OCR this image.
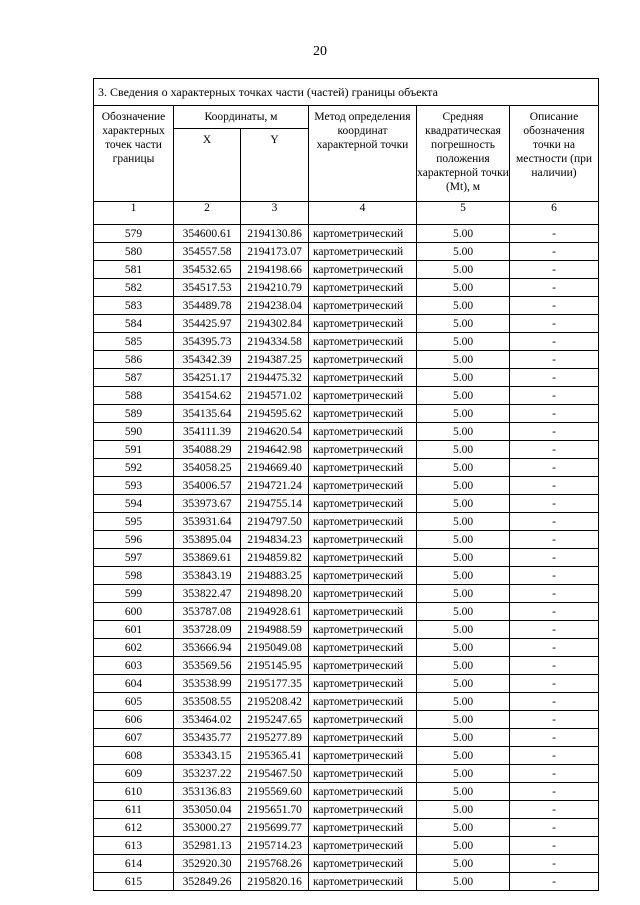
20
3. Сведения о характерных точках части (частей) границы объекта					
Обозначение характерных точек части границы	Координаты, м		Метод определения координат характерной точки	Средняя квадратическая погрешность положения характерной точки (Mt), м	Описание обозначения точки на местности (при наличии)
	X	Y			
1	2	3	4	5	6
579	354600.61	2194130.86	картометрический	5.00	-
580	354557.58	2194173.07	картометрический	5.00	-
581	354532.65	2194198.66	картометрический	5.00	-
582	354517.53	2194210.79	картометрический	5.00	-
583	354489.78	2194238.04	картометрический	5.00	-
584	354425.97	2194302.84	картометрический	5.00	-
585	354395.73	2194334.58	картометрический	5.00	-
586	354342.39	2194387.25	картометрический	5.00	-
587	354251.17	2194475.32	картометрический	5.00	-
588	354154.62	2194571.02	картометрический	5.00	-
589	354135.64	2194595.62	картометрический	5.00	-
590	354111.39	2194620.54	картометрический	5.00	-
591	354088.29	2194642.98	картометрический	5.00	-
592	354058.25	2194669.40	картометрический	5.00	-
593	354006.57	2194721.24	картометрический	5.00	-
594	353973.67	2194755.14	картометрический	5.00	-
595	353931.64	2194797.50	картометрический	5.00	-
596	353895.04	2194834.23	картометрический	5.00	-
597	353869.61	2194859.82	картометрический	5.00	-
598	353843.19	2194883.25	картометрический	5.00	-
599	353822.47	2194898.20	картометрический	5.00	-
600	353787.08	2194928.61	картометрический	5.00	-
601	353728.09	2194988.59	картометрический	5.00	-
602	353666.94	2195049.08	картометрический	5.00	-
603	353569.56	2195145.95	картометрический	5.00	-
604	353538.99	2195177.35	картометрический	5.00	-
605	353508.55	2195208.42	картометрический	5.00	-
606	353464.02	2195247.65	картометрический	5.00	-
607	353435.77	2195277.89	картометрический	5.00	-
608	353343.15	2195365.41	картометрический	5.00	-
609	353237.22	2195467.50	картометрический	5.00	-
610	353136.83	2195569.60	картометрический	5.00	-
611	353050.04	2195651.70	картометрический	5.00	-
612	353000.27	2195699.77	картометрический	5.00	-
613	352981.13	2195714.23	картометрический	5.00	-
614	352920.30	2195768.26	картометрический	5.00	-
615	352849.26	2195820.16	картометрический	5.00	-
